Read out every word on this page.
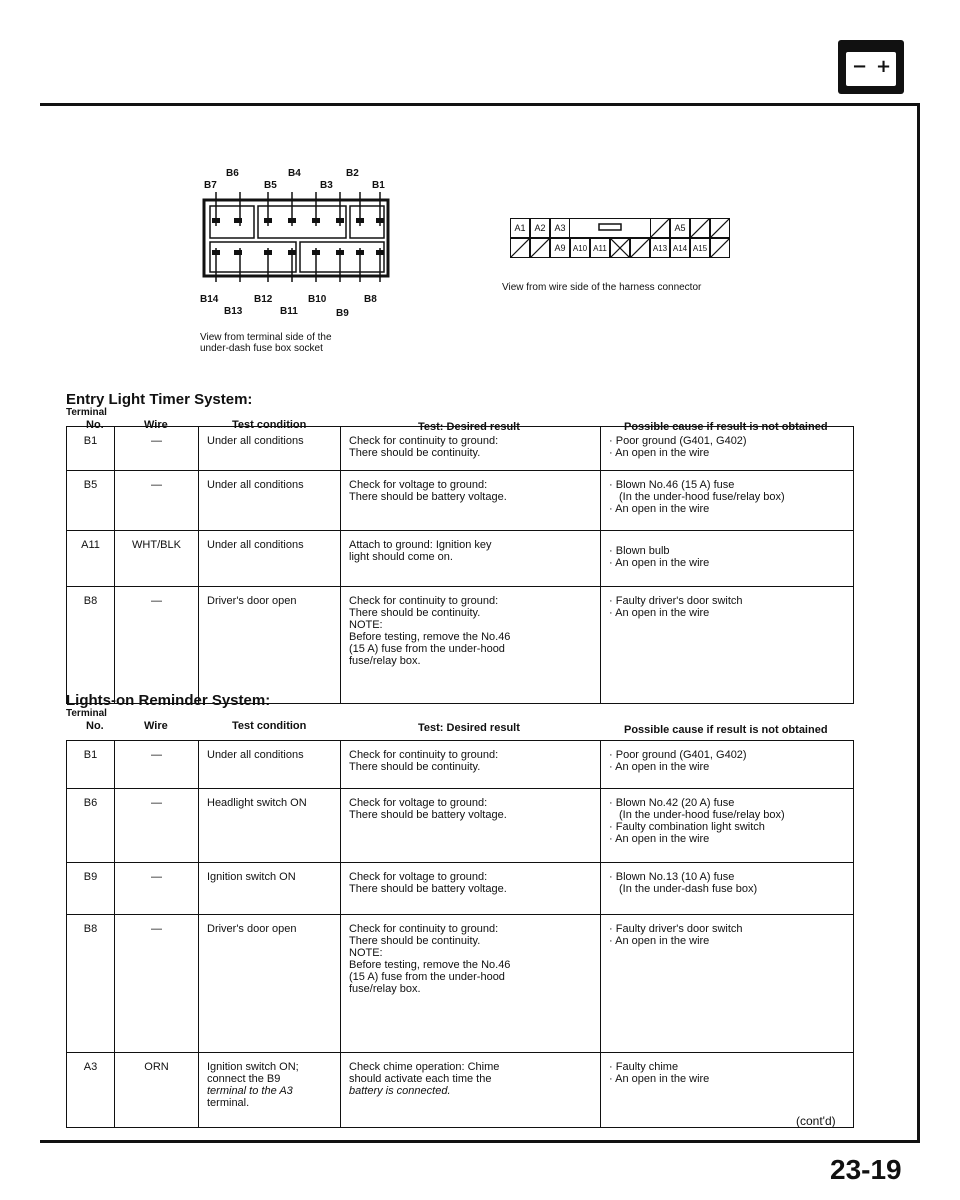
− +
B6	B4	B2
B7	B5	B3	B1
B14	B12	B10	B8
B13	B11	B9
View from terminal side of the
under-dash fuse box socket
A1 A2 A3	A5
A9 A10 A11	A13 A14 A15
View from wire side of the harness connector
Entry Light Timer System:
Terminal
No.	Wire	Test condition	Test: Desired result	Possible cause if result is not obtained
B1	—	Under all conditions	Check for continuity to ground:
There should be continuity.
· Poor ground (G401, G402)
· An open in the wire
B5	—	Under all conditions	Check for voltage to ground:
There should be battery voltage.
· Blown No.46 (15 A) fuse
(In the under-hood fuse/relay box)
· An open in the wire
A11	WHT/BLK	Under all conditions	Attach to ground: Ignition key
light should come on.
·	Blown bulb
· An open in the wire
B8	—	Driver's door open	Check for continuity to ground:
There should be continuity.
NOTE:
Before testing, remove the No.46
(15 A) fuse from the under-hood
fuse/relay box.
· Faulty driver's door switch
· An open in the wire
Lights-on Reminder System:
Terminal
No.	Wire	Test condition	Test: Desired result	Possible cause if result is not obtained
B1	—	Under all conditions	Check for continuity to ground:
There should be continuity.
· Poor ground (G401, G402)
· An open in the wire
B6	—	Headlight switch ON	Check for voltage to ground:
There should be battery voltage.
· Blown No.42 (20 A) fuse
(In the under-hood fuse/relay box)
· Faulty combination light switch
· An open in the wire
B9	—	Ignition switch ON	Check for voltage to ground:
There should be battery voltage.
· Blown No.13 (10 A) fuse
(In the under-dash fuse box)
B8	—	Driver's door open	Check for continuity to ground:
There should be continuity.
NOTE:
Before testing, remove the No.46
(15 A) fuse from the under-hood
fuse/relay box.
· Faulty driver's door switch
· An open in the wire
A3	ORN	Ignition switch ON;
connect the B9
terminal to the A3
terminal.
Check chime operation: Chime
should activate each time the
battery is connected.
· Faulty chime
· An open in the wire
(cont'd)
23-19
